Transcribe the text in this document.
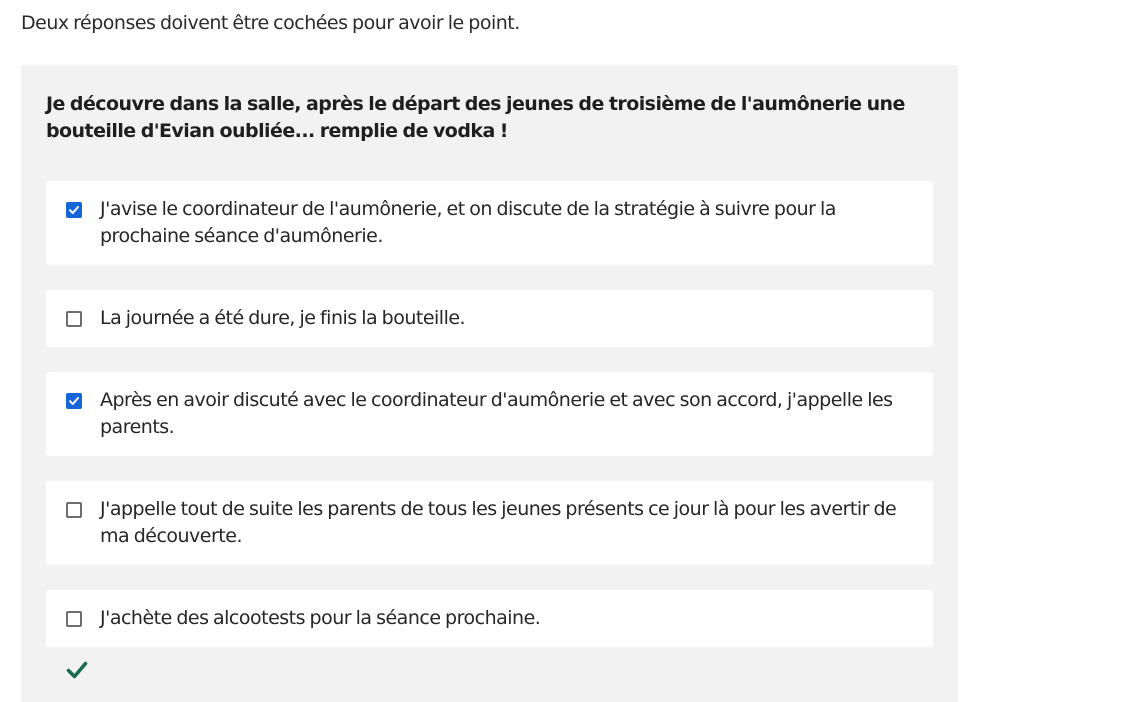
Deux réponses doivent être cochées pour avoir le point.
Je découvre dans la salle, après le départ des jeunes de troisième de l'aumônerie une bouteille d'Evian oubliée... remplie de vodka !
J'avise le coordinateur de l'aumônerie, et on discute de la stratégie à suivre pour la prochaine séance d'aumônerie.
La journée a été dure, je finis la bouteille.
Après en avoir discuté avec le coordinateur d'aumônerie et avec son accord, j'appelle les parents.
J'appelle tout de suite les parents de tous les jeunes présents ce jour là pour les avertir de ma découverte.
J'achète des alcootests pour la séance prochaine.
